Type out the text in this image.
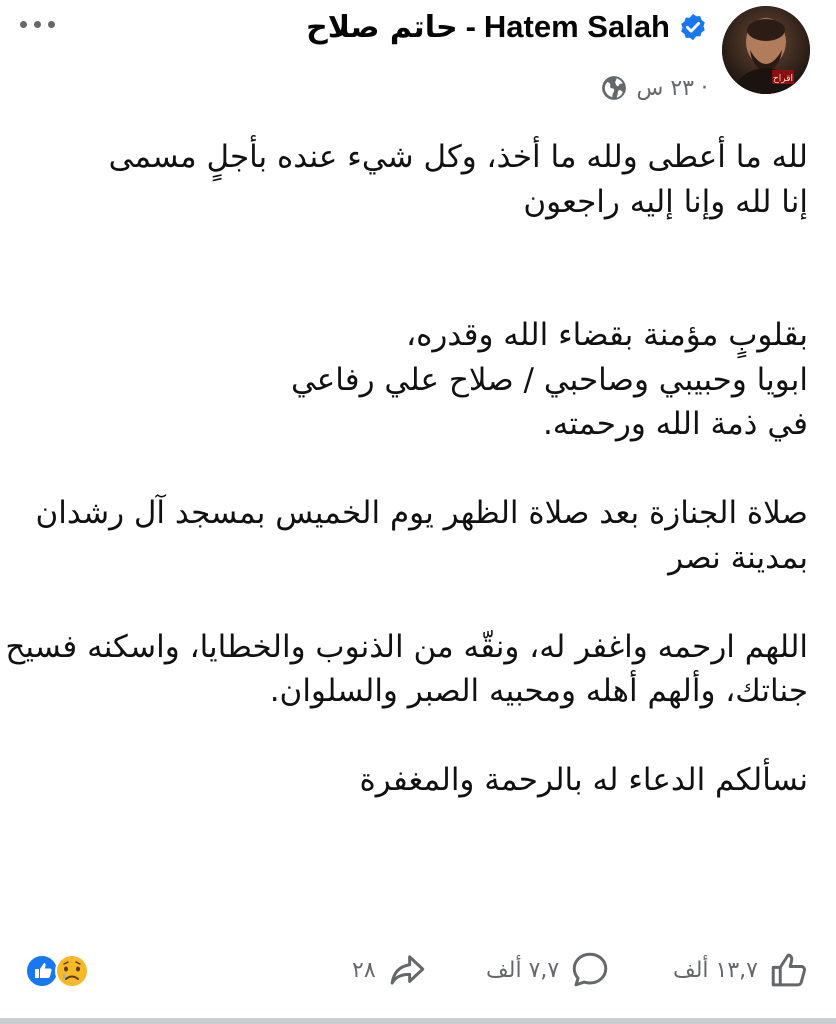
حاتم صلاح - Hatem Salah
اقراح
٢٣ س ·

لله ما أعطى ولله ما أخذ، وكل شيء عنده بأجلٍ مسمى

إنا لله وإنا إليه راجعون

بقلوبٍ مؤمنة بقضاء الله وقدره،

ابويا وحبيبي وصاحبي / صلاح علي رفاعي

في ذمة الله ورحمته.

صلاة الجنازة بعد صلاة الظهر يوم الخميس بمسجد آل رشدان

بمدينة نصر

اللهم ارحمه واغفر له، ونقّه من الذنوب والخطايا، واسكنه فسيح

جناتك، وألهم أهله ومحبيه الصبر والسلوان.

نسألكم الدعاء له بالرحمة والمغفرة

٢٨	٧,٧ ألف	١٣,٧ ألف
